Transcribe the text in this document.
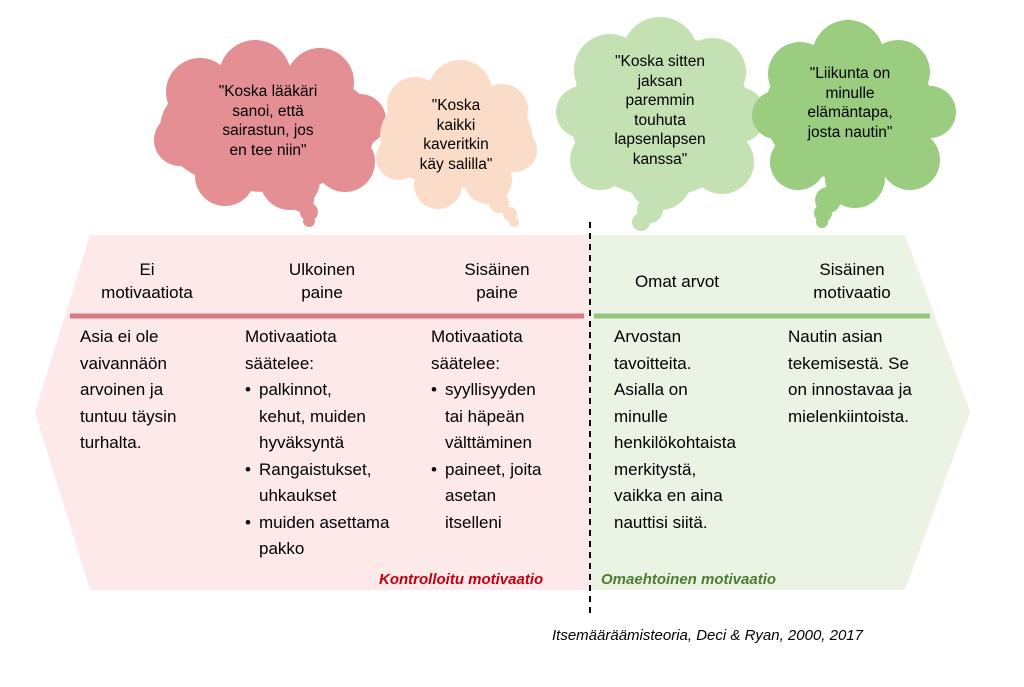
"Koska lääkäri
sanoi, että
sairastun, jos
en tee niin"
"Koska
kaikki
kaveritkin
käy salilla"
"Koska sitten
jaksan
paremmin
touhuta
lapsenlapsen
kanssa"
"Liikunta on
minulle
elämäntapa,
josta nautin"
Ei
motivaatiota
Ulkoinen
paine
Sisäinen
paine
Omat arvot
Sisäinen
motivaatio

Asia ei ole
vaivannäön
arvoinen ja
tuntuu täysin
turhalta.

Motivaatiota
säätelee:
• palkinnot,
kehut, muiden
hyväksyntä
• Rangaistukset,
uhkaukset
• muiden asettama
pakko
Motivaatiota
säätelee:
• syyllisyyden
tai häpeän
välttäminen
• paineet, joita
asetan
itselleni

Arvostan
tavoitteita.
Asialla on
minulle
henkilökohtaista
merkitystä,
vaikka en aina
nauttisi siitä.

Nautin asian
tekemisestä. Se
on innostavaa ja
mielenkiintoista.

Kontrolloitu motivaatio	Omaehtoinen motivaatio
Itsemääräämisteoria, Deci & Ryan, 2000, 2017
